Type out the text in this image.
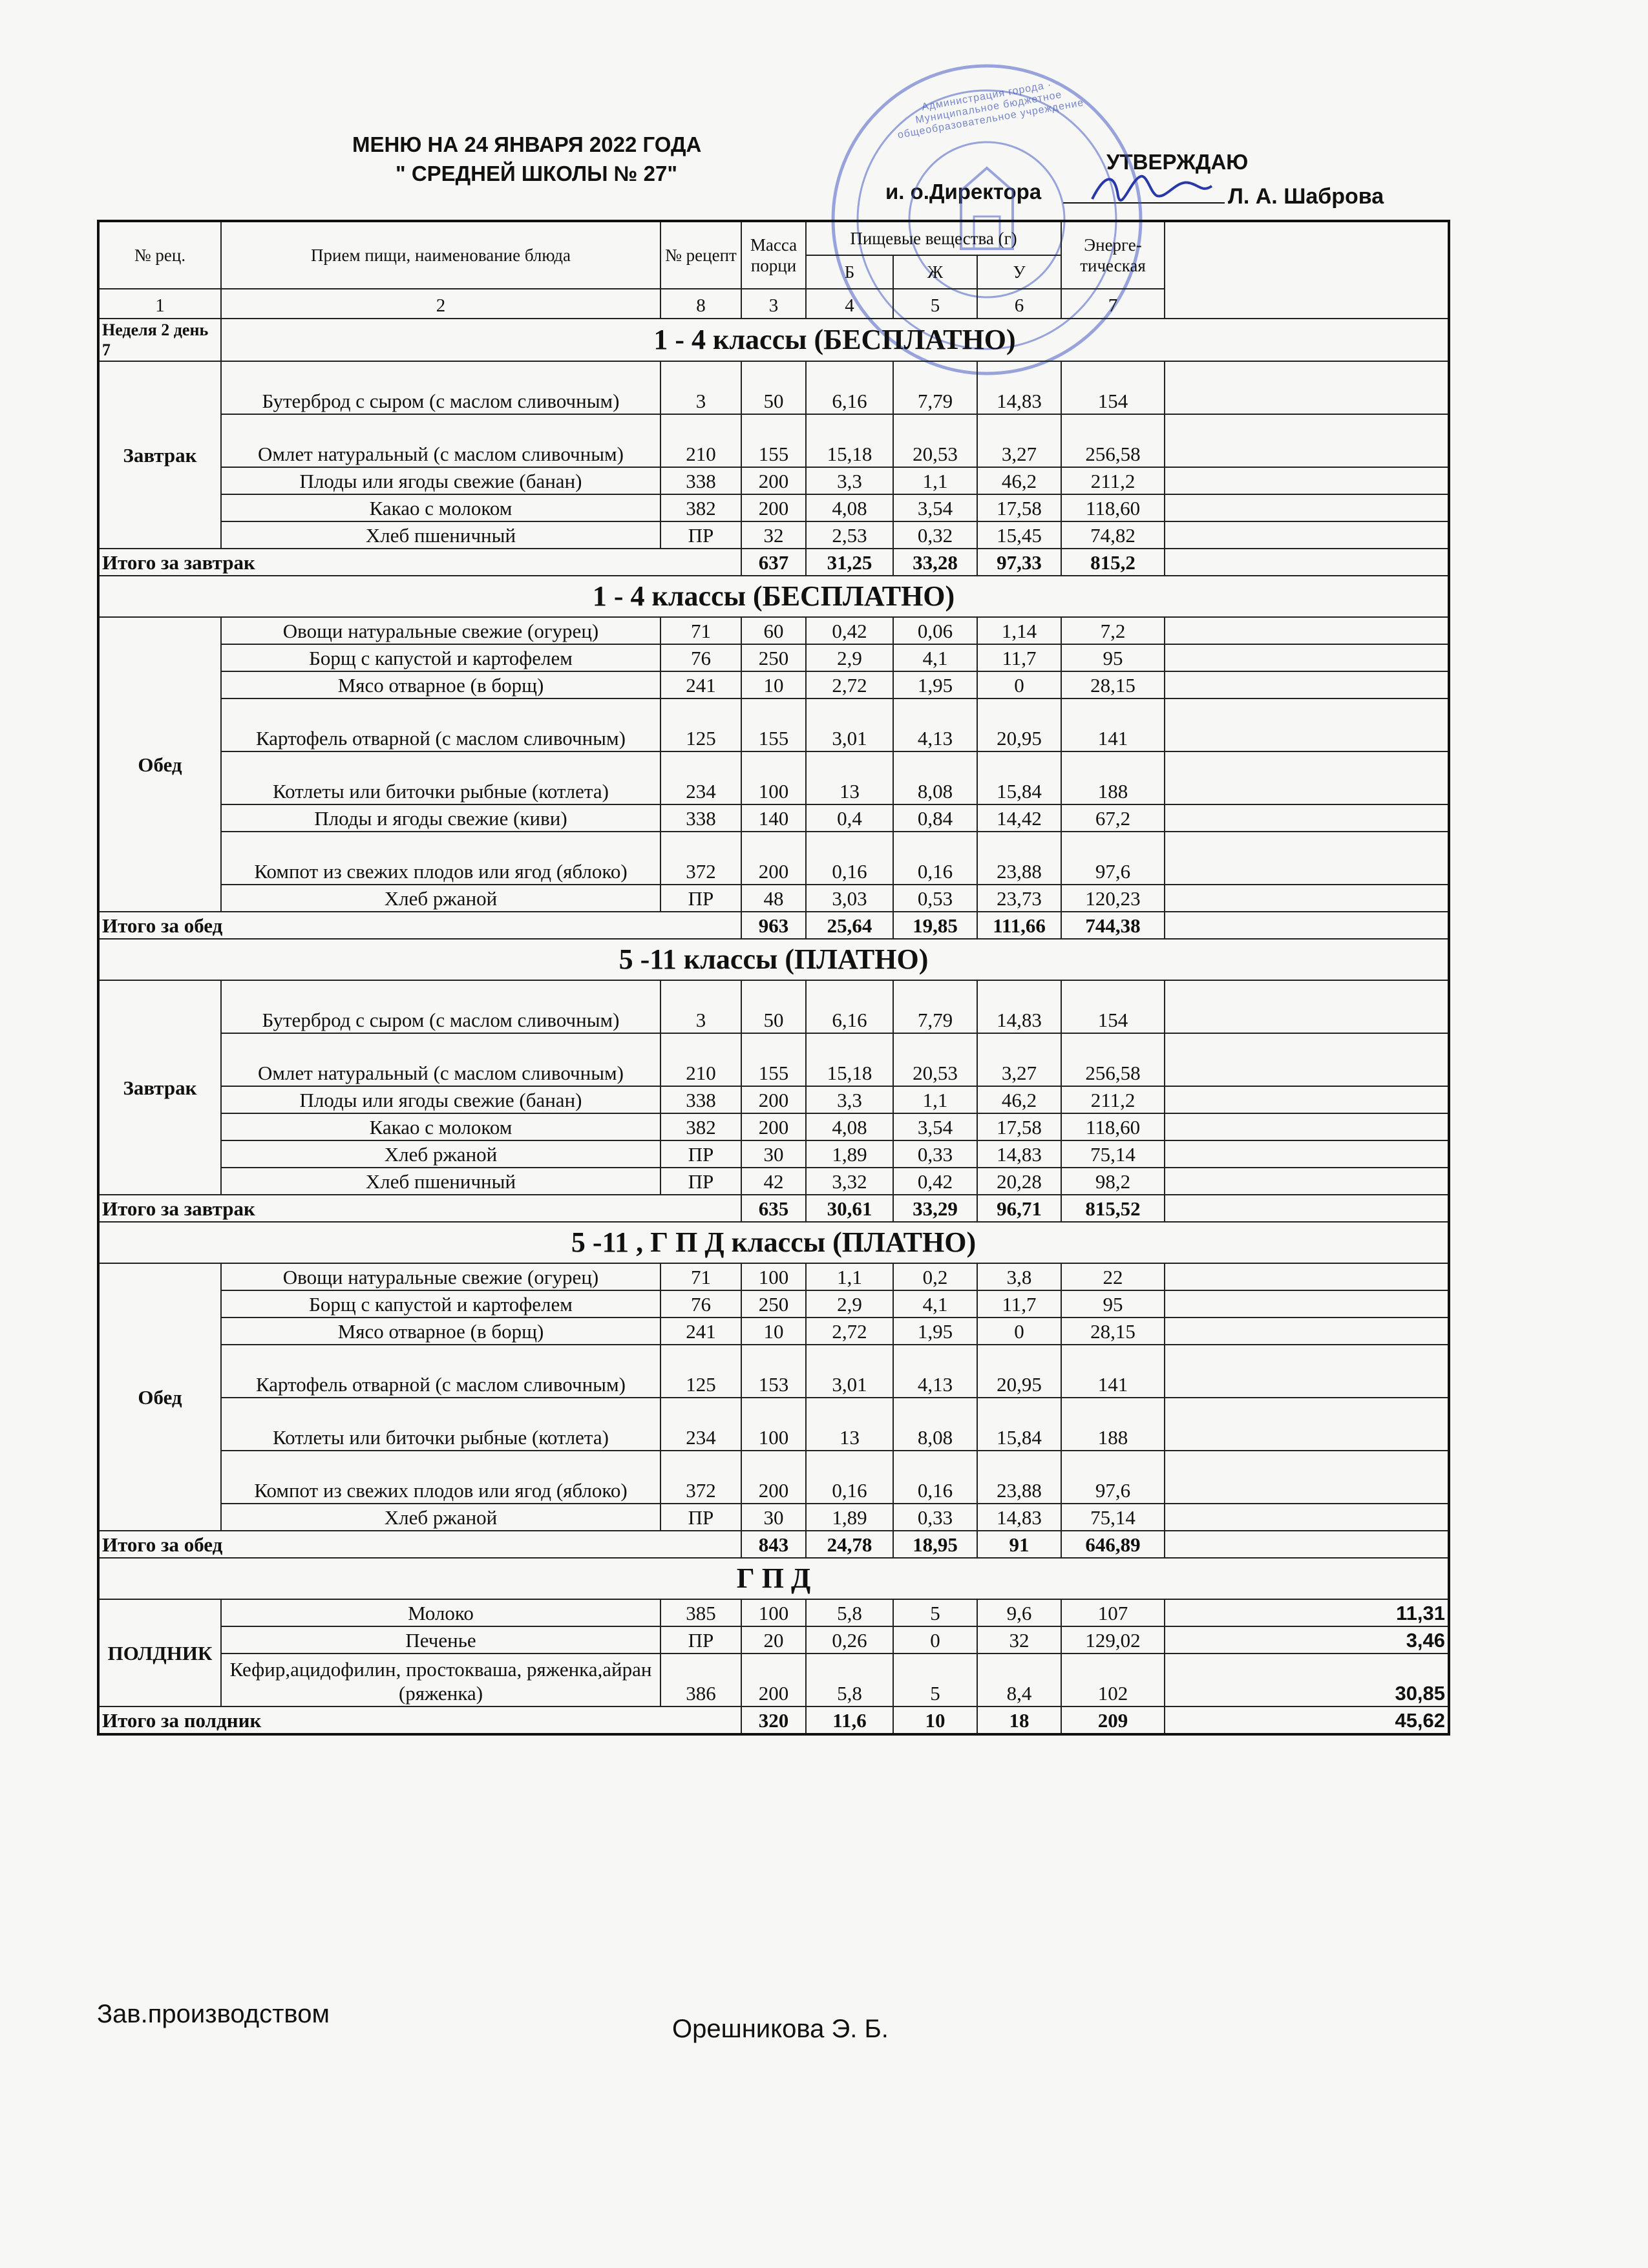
МЕНЮ НА 24 ЯНВАРЯ 2022 ГОДА
" СРЕДНЕЙ ШКОЛЫ № 27"	УТВЕРЖДАЮ
и. о.Директора	Л. А. Шаброва
Администрация города · Муниципальное бюджетное общеобразовательное учреждение
№ рец.	Прием пищи, наименование блюда	№ рецепт	Масса порци	Пищевые вещества (г)			Энерге-тическая	
				Б	Ж	У		
1	2	8	3	4	5	6	7	
Неделя 2 день 7	1 - 4 классы (БЕСПЛАТНО)							
Завтрак	Бутерброд с сыром (с маслом сливочным)	3	50	6,16	7,79	14,83	154	
	Омлет натуральный (с маслом сливочным)	210	155	15,18	20,53	3,27	256,58	
	Плоды или ягоды свежие (банан)	338	200	3,3	1,1	46,2	211,2	
	Какао с молоком	382	200	4,08	3,54	17,58	118,60	
	Хлеб пшеничный	ПР	32	2,53	0,32	15,45	74,82	
Итого за завтрак			637	31,25	33,28	97,33	815,2	
1 - 4 классы (БЕСПЛАТНО)								
Обед	Овощи натуральные свежие (огурец)	71	60	0,42	0,06	1,14	7,2	
	Борщ с капустой и картофелем	76	250	2,9	4,1	11,7	95	
	Мясо отварное (в борщ)	241	10	2,72	1,95	0	28,15	
	Картофель отварной (с маслом сливочным)	125	155	3,01	4,13	20,95	141	
	Котлеты или биточки рыбные (котлета)	234	100	13	8,08	15,84	188	
	Плоды и ягоды свежие (киви)	338	140	0,4	0,84	14,42	67,2	
	Компот из свежих плодов или ягод (яблоко)	372	200	0,16	0,16	23,88	97,6	
	Хлеб ржаной	ПР	48	3,03	0,53	23,73	120,23	
Итого за обед			963	25,64	19,85	111,66	744,38	
5 -11 классы (ПЛАТНО)								
Завтрак	Бутерброд с сыром (с маслом сливочным)	3	50	6,16	7,79	14,83	154	
	Омлет натуральный (с маслом сливочным)	210	155	15,18	20,53	3,27	256,58	
	Плоды или ягоды свежие (банан)	338	200	3,3	1,1	46,2	211,2	
	Какао с молоком	382	200	4,08	3,54	17,58	118,60	
	Хлеб ржаной	ПР	30	1,89	0,33	14,83	75,14	
	Хлеб пшеничный	ПР	42	3,32	0,42	20,28	98,2	
Итого за завтрак			635	30,61	33,29	96,71	815,52	
5 -11 , Г П Д классы (ПЛАТНО)								
Обед	Овощи натуральные свежие (огурец)	71	100	1,1	0,2	3,8	22	
	Борщ с капустой и картофелем	76	250	2,9	4,1	11,7	95	
	Мясо отварное (в борщ)	241	10	2,72	1,95	0	28,15	
	Картофель отварной (с маслом сливочным)	125	153	3,01	4,13	20,95	141	
	Котлеты или биточки рыбные (котлета)	234	100	13	8,08	15,84	188	
	Компот из свежих плодов или ягод (яблоко)	372	200	0,16	0,16	23,88	97,6	
	Хлеб ржаной	ПР	30	1,89	0,33	14,83	75,14	
Итого за обед			843	24,78	18,95	91	646,89	
Г П Д								
ПОЛДНИК	Молоко	385	100	5,8	5	9,6	107	11,31
	Печенье	ПР	20	0,26	0	32	129,02	3,46
	Кефир,ацидофилин, простокваша, ряженка,айран (ряженка)	386	200	5,8	5	8,4	102	30,85
Итого за полдник			320	11,6	10	18	209	45,62
Зав.производством
Орешникова Э. Б.
